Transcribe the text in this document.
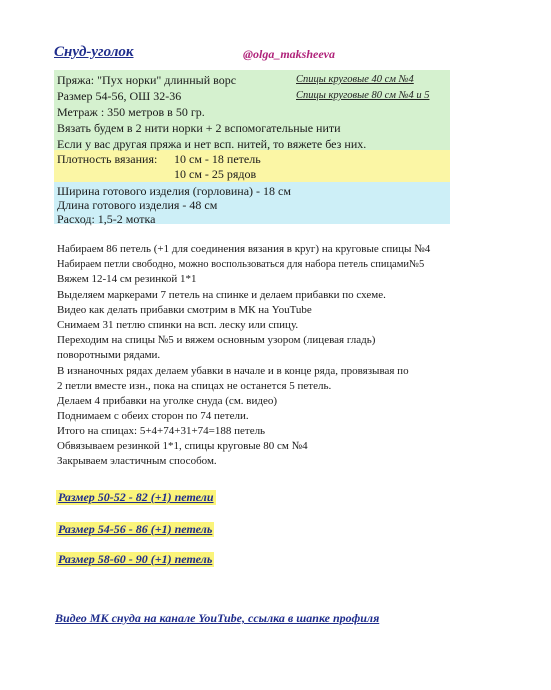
Снуд-уголок	@olga_maksheeva
Пряжа: "Пух норки" длинный ворс	Спицы круговые 40 см №4
Размер 54-56, ОШ 32-36	Спицы круговые 80 см №4 и 5
Метраж : 350 метров в 50 гр.
Вязать будем в 2 нити норки + 2 вспомогательные нити
Если у вас другая пряжа и нет всп. нитей, то вяжете без них.
Плотность вязания: 10 см - 18 петель
10 см - 25 рядов
Ширина готового изделия (горловина) - 18 см
Длина готового изделия - 48 см
Расход: 1,5-2 мотка
Набираем 86 петель (+1 для соединения вязания в круг) на круговые спицы №4
Набираем петли свободно, можно воспользоваться для набора петель спицами№5
Вяжем 12-14 см резинкой 1*1
Выделяем маркерами 7 петель на спинке и делаем прибавки по схеме.
Видео как делать прибавки смотрим в МК на YouTube
Снимаем 31 петлю спинки на всп. леску или спицу.
Переходим на спицы №5 и вяжем основным узором (лицевая гладь)
поворотными рядами.
В изнаночных рядах делаем убавки в начале и в конце ряда, провязывая по
2 петли вместе изн., пока на спицах не останется 5 петель.
Делаем 4 прибавки на уголке снуда (см. видео)
Поднимаем с обеих сторон по 74 петели.
Итого на спицах: 5+4+74+31+74=188 петель
Обвязываем резинкой 1*1, спицы круговые 80 см №4
Закрываем эластичным способом.
Размер 50-52 - 82 (+1) петели
Размер 54-56 - 86 (+1) петель
Размер 58-60 - 90 (+1) петель
Видео МК снуда на канале YouTube, ссылка в шапке профиля
